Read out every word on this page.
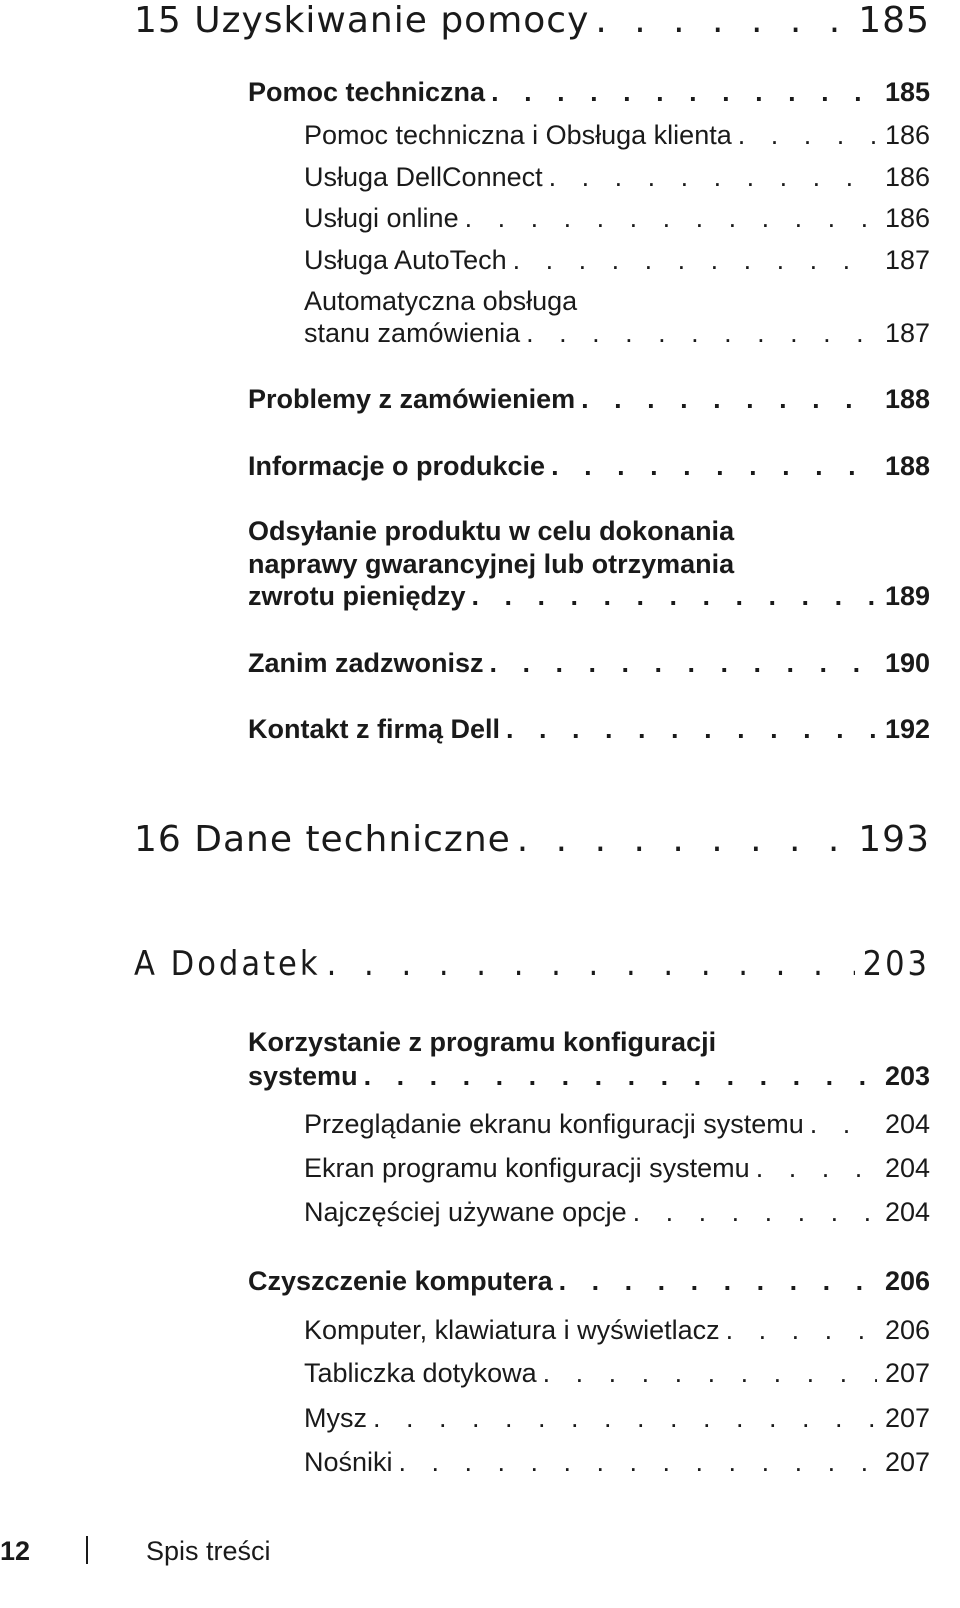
15 Uzyskiwanie pomocy . . .	185
Pomoc techniczna . . .	185
Pomoc techniczna i Obsługa klienta . . .	186
Usługa DellConnect . . .	186
Usługi online . . .	186
Usługa AutoTech . . .	187
Automatyczna obsługa
stanu zamówienia . . .	187
Problemy z zamówieniem . . .	188
Informacje o produkcie . . .	188
Odsyłanie produktu w celu dokonania
naprawy gwarancyjnej lub otrzymania
zwrotu pieniędzy . . .	189
Zanim zadzwonisz . . .	190
Kontakt z firmą Dell . . .	192
16 Dane techniczne . . .	193
A Dodatek . . .	203
Korzystanie z programu konfiguracji
systemu . . .	203
Przeglądanie ekranu konfiguracji systemu . . .	204
Ekran programu konfiguracji systemu . . .	204
Najczęściej używane opcje . . .	204
Czyszczenie komputera . . .	206
Komputer, klawiatura i wyświetlacz . . .	206
Tabliczka dotykowa . . .	207
Mysz . . .	207
Nośniki . . .	207
12	Spis treści
